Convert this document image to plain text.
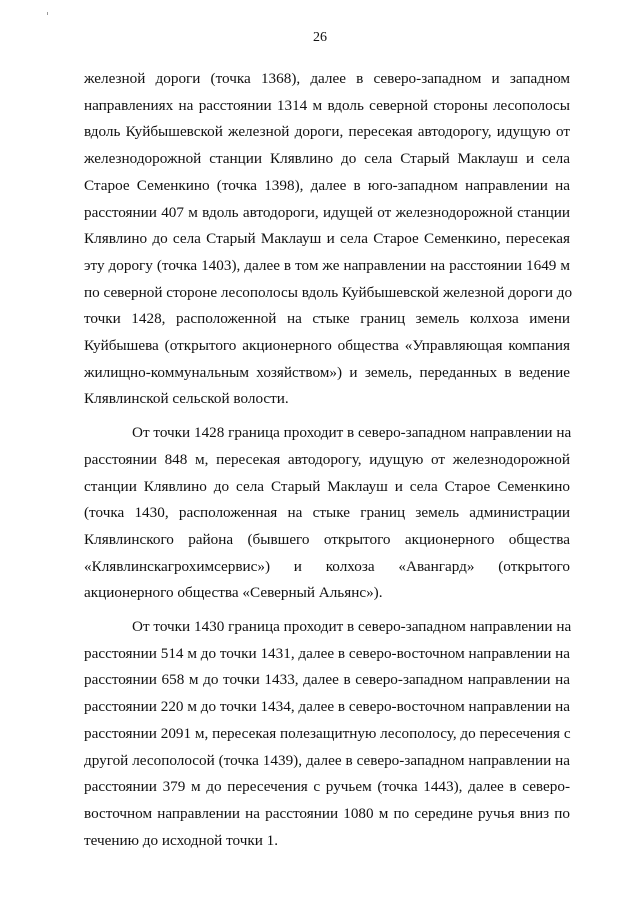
26
железной дороги (точка 1368), далее в северо-западном и западном
направлениях на расстоянии 1314 м вдоль северной стороны лесополосы
вдоль Куйбышевской железной дороги, пересекая автодорогу, идущую от
железнодорожной станции Клявлино до села Старый Маклауш и села
Старое Семенкино (точка 1398), далее в юго-западном направлении на
расстоянии 407 м вдоль автодороги, идущей от железнодорожной станции
Клявлино до села Старый Маклауш и села Старое Семенкино, пересекая
эту дорогу (точка 1403), далее в том же направлении на расстоянии 1649 м
по северной стороне лесополосы вдоль Куйбышевской железной дороги до
точки 1428, расположенной на стыке границ земель колхоза имени
Куйбышева (открытого акционерного общества «Управляющая компания
жилищно-коммунальным хозяйством») и земель, переданных в ведение
Клявлинской сельской волости.
От точки 1428 граница проходит в северо-западном направлении на
расстоянии 848 м, пересекая автодорогу, идущую от железнодорожной
станции Клявлино до села Старый Маклауш и села Старое Семенкино
(точка 1430, расположенная на стыке границ земель администрации
Клявлинского района (бывшего открытого акционерного общества
«Клявлинскагрохимсервис») и колхоза «Авангард» (открытого
акционерного общества «Северный Альянс»).
От точки 1430 граница проходит в северо-западном направлении на
расстоянии 514 м до точки 1431, далее в северо-восточном направлении на
расстоянии 658 м до точки 1433, далее в северо-западном направлении на
расстоянии 220 м до точки 1434, далее в северо-восточном направлении на
расстоянии 2091 м, пересекая полезащитную лесополосу, до пересечения с
другой лесополосой (точка 1439), далее в северо-западном направлении на
расстоянии 379 м до пересечения с ручьем (точка 1443), далее в северо-
восточном направлении на расстоянии 1080 м по середине ручья вниз по
течению до исходной точки 1.
